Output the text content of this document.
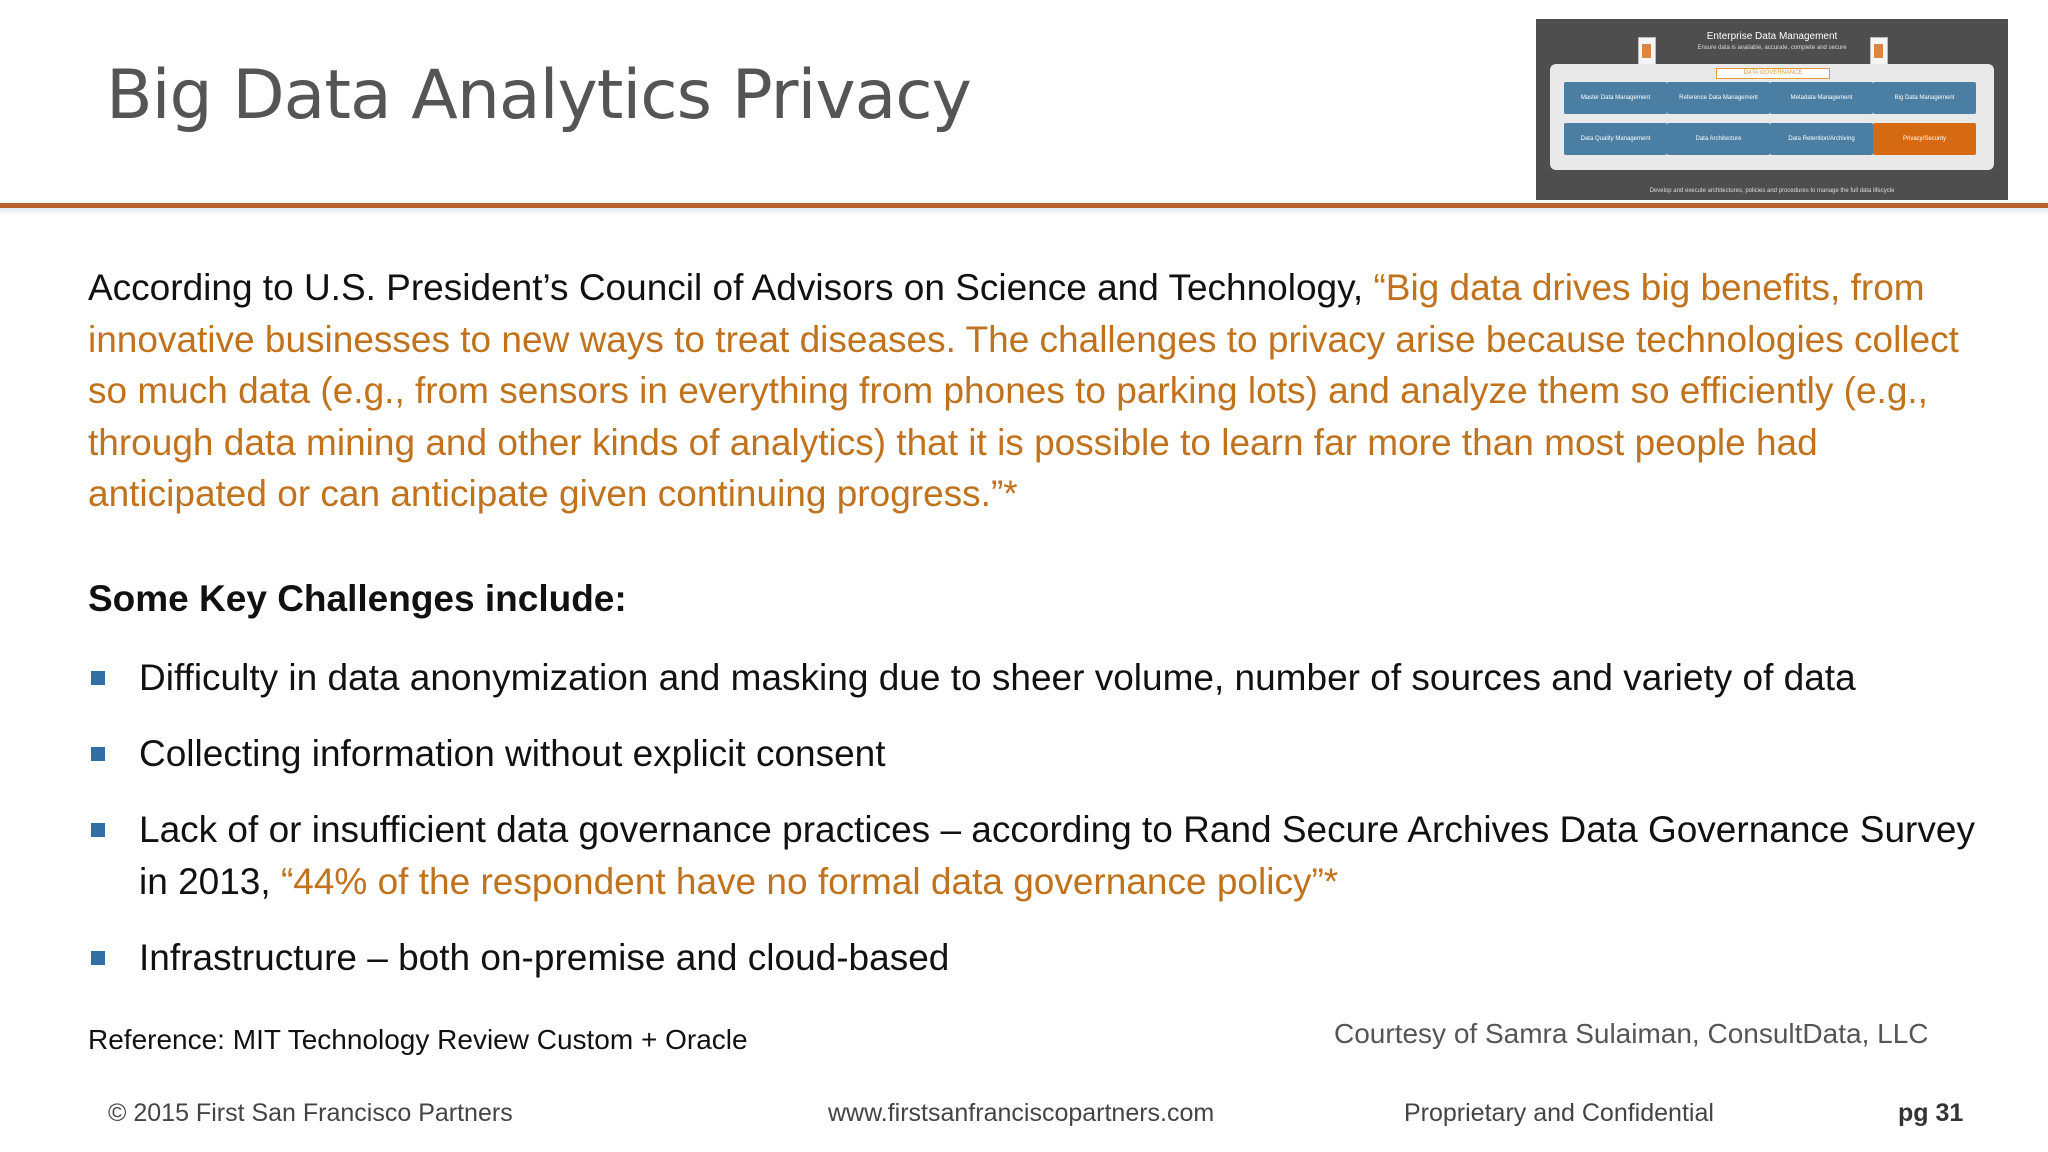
Big Data Analytics Privacy
Enterprise Data Management
Ensure data is available, accurate, complete and secure
DATA GOVERNANCE
Master Data Management	Reference Data Management	Metadata Management	Big Data Management
Data Quality Management	Data Architecture	Data Retention/Archiving	Privacy/Security
Develop and execute architectures, policies and procedures to manage the full data lifecycle

According to U.S. President’s Council of Advisors on Science and Technology, “Big data drives big benefits, from innovative businesses to new ways to treat diseases. The challenges to privacy arise because technologies collect so much data (e.g., from sensors in everything from phones to parking lots) and analyze them so efficiently (e.g., through data mining and other kinds of analytics) that it is possible to learn far more than most people had anticipated or can anticipate given continuing progress.”*

Some Key Challenges include:
Difficulty in data anonymization and masking due to sheer volume, number of sources and variety of data
Collecting information without explicit consent
Lack of or insufficient data governance practices – according to Rand Secure Archives Data Governance Survey in 2013, “44% of the respondent have no formal data governance policy”*
Infrastructure – both on-premise and cloud-based
Reference: MIT Technology Review Custom + Oracle	Courtesy of Samra Sulaiman, ConsultData, LLC
© 2015 First San Francisco Partners	www.firstsanfranciscopartners.com	Proprietary and Confidential	pg 31
